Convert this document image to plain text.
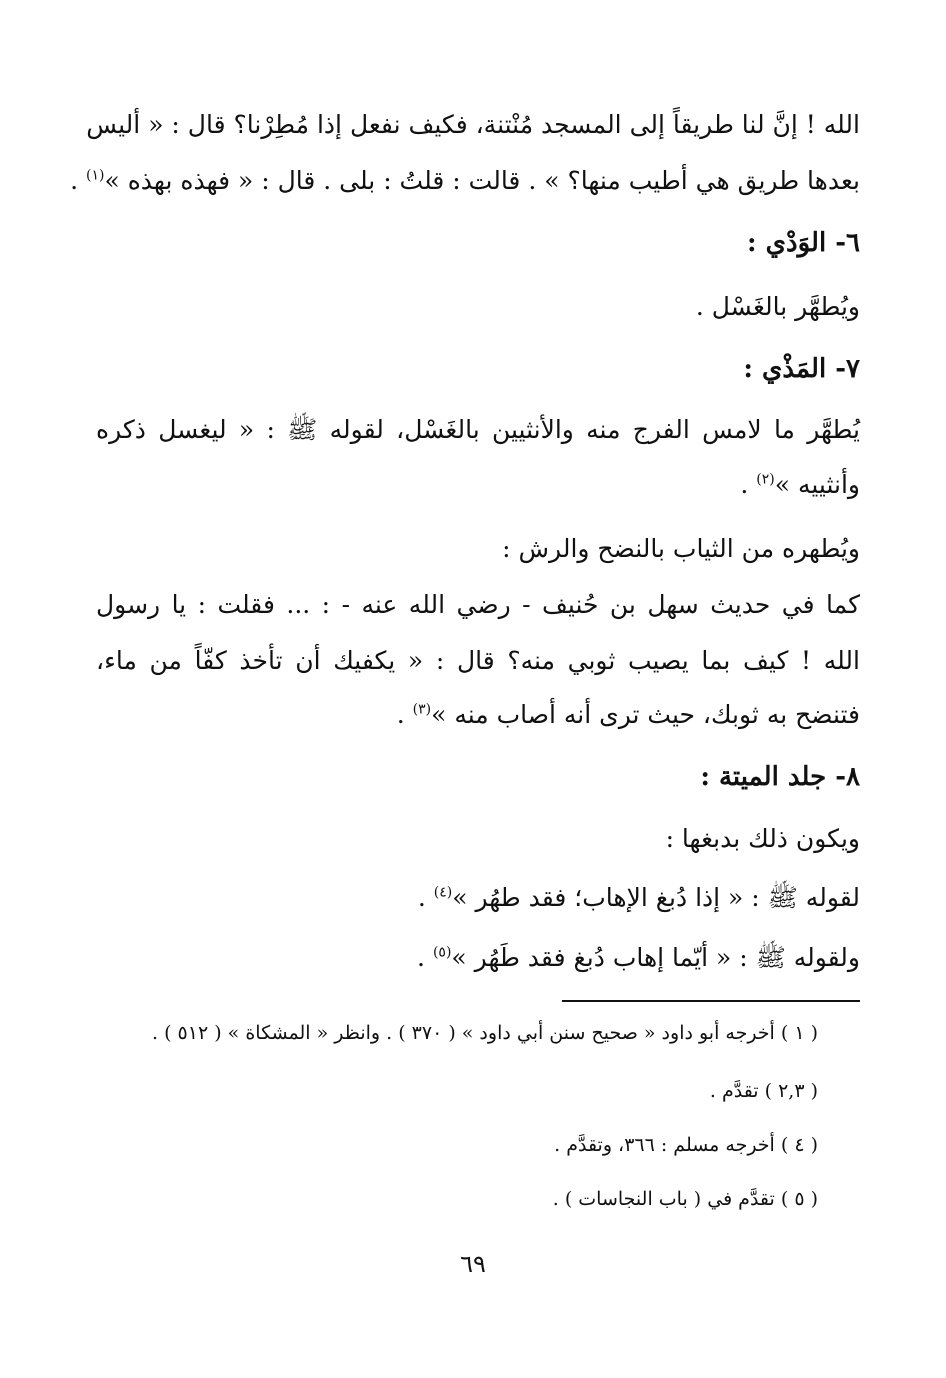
الله ! إنَّ لنا طريقاً إلى المسجد مُنْتنة، فكيف نفعل إذا مُطِرْنا؟ قال : « أليس
بعدها طريق هي أطيب منها؟ » . قالت : قلتُ : بلى . قال : « فهذه بهذه »$^{(١)}$ .
٦- الوَدْي :
ويُطهَّر بالغَسْل .
٧- المَذْي :
يُطهَّر ما لامس الفرج منه والأنثيين بالغَسْل، لقوله ﷺ : « ليغسل ذكره
وأنثييه »$^{(٢)}$ .
ويُطهره من الثياب بالنضح والرش :
كما في حديث سهل بن حُنيف - رضي الله عنه - : ... فقلت : يا رسول
الله ! كيف بما يصيب ثوبي منه؟ قال : « يكفيك أن تأخذ كفّاً من ماء،
فتنضح به ثوبك، حيث ترى أنه أصاب منه »$^{(٣)}$ .
٨- جلد الميتة :
ويكون ذلك بدبغها :
لقوله ﷺ : « إذا دُبغ الإهاب؛ فقد طهُر »$^{(٤)}$ .
ولقوله ﷺ : « أيّما إهاب دُبغ فقد طَهُر »$^{(٥)}$ .
( ١ ) أخرجه أبو داود « صحيح سنن أبي داود » ( ٣٧٠ ) . وانظر « المشكاة » ( ٥١٢ ) .
( ٢,٣ ) تقدَّم .
( ٤ ) أخرجه مسلم : ٣٦٦، وتقدَّم .
( ٥ ) تقدَّم في ( باب النجاسات ) .
٦٩
